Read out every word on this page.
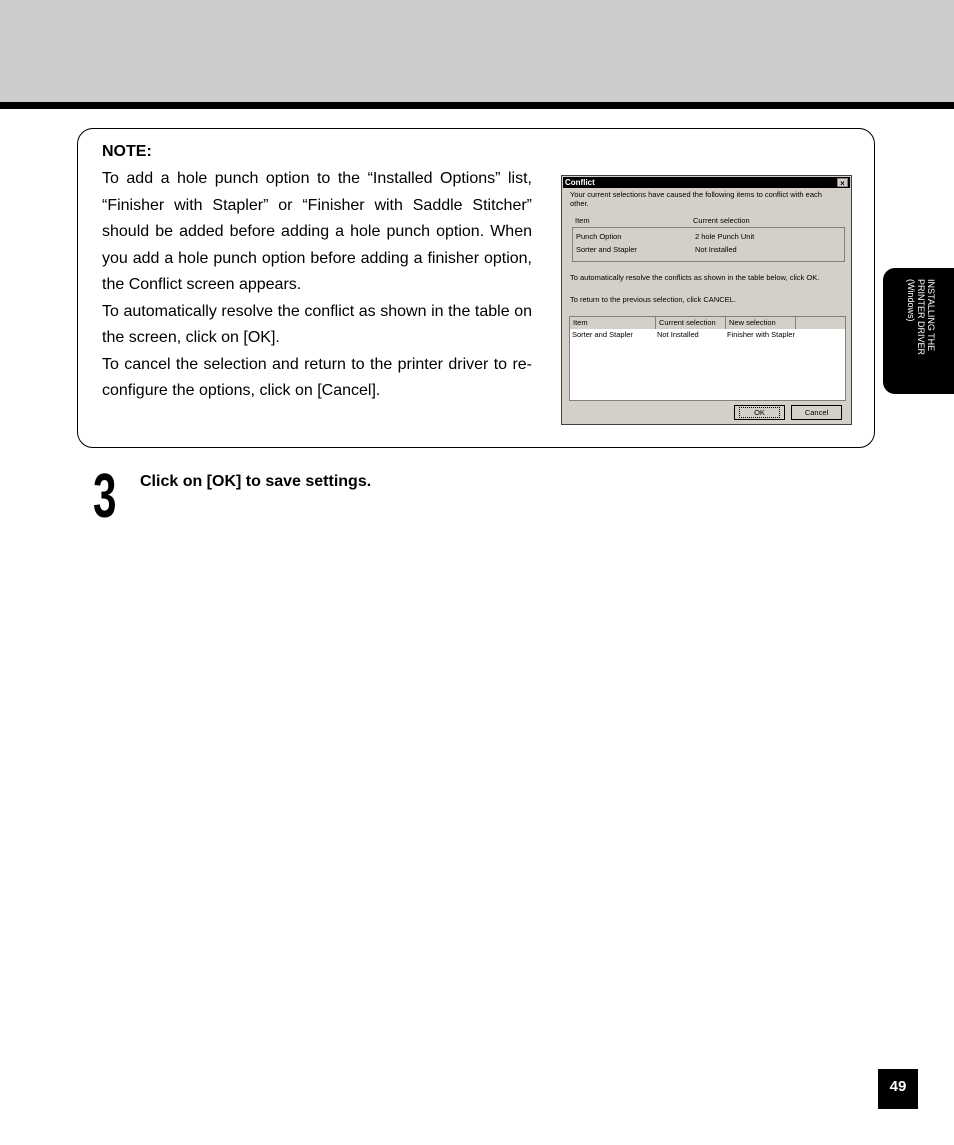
NOTE:

To add a hole punch option to the “Installed Options” list, “Finisher with Stapler” or “Finisher with Saddle Stitcher” should be added before adding a hole punch option. When you add a hole punch option before adding a finisher option, the Conflict screen appears.

To automatically resolve the conflict as shown in the table on the screen, click on [OK].

To cancel the selection and return to the printer driver to re-configure the options, click on [Cancel].

Conflict	×
Your current selections have caused the following items to conflict with each other.
Item	Current selection
Punch Option	2 hole Punch Unit
Sorter and Stapler	Not Installed
To automatically resolve the conflicts as shown in the table below, click OK.
To return to the previous selection, click CANCEL.
Item	Current selection	New selection
Sorter and Stapler	Not Installed	Finisher with Stapler
OK	Cancel
3 Click on [OK] to save settings.
INSTALLING THE
PRINTER DRIVER
(Windows)
49
